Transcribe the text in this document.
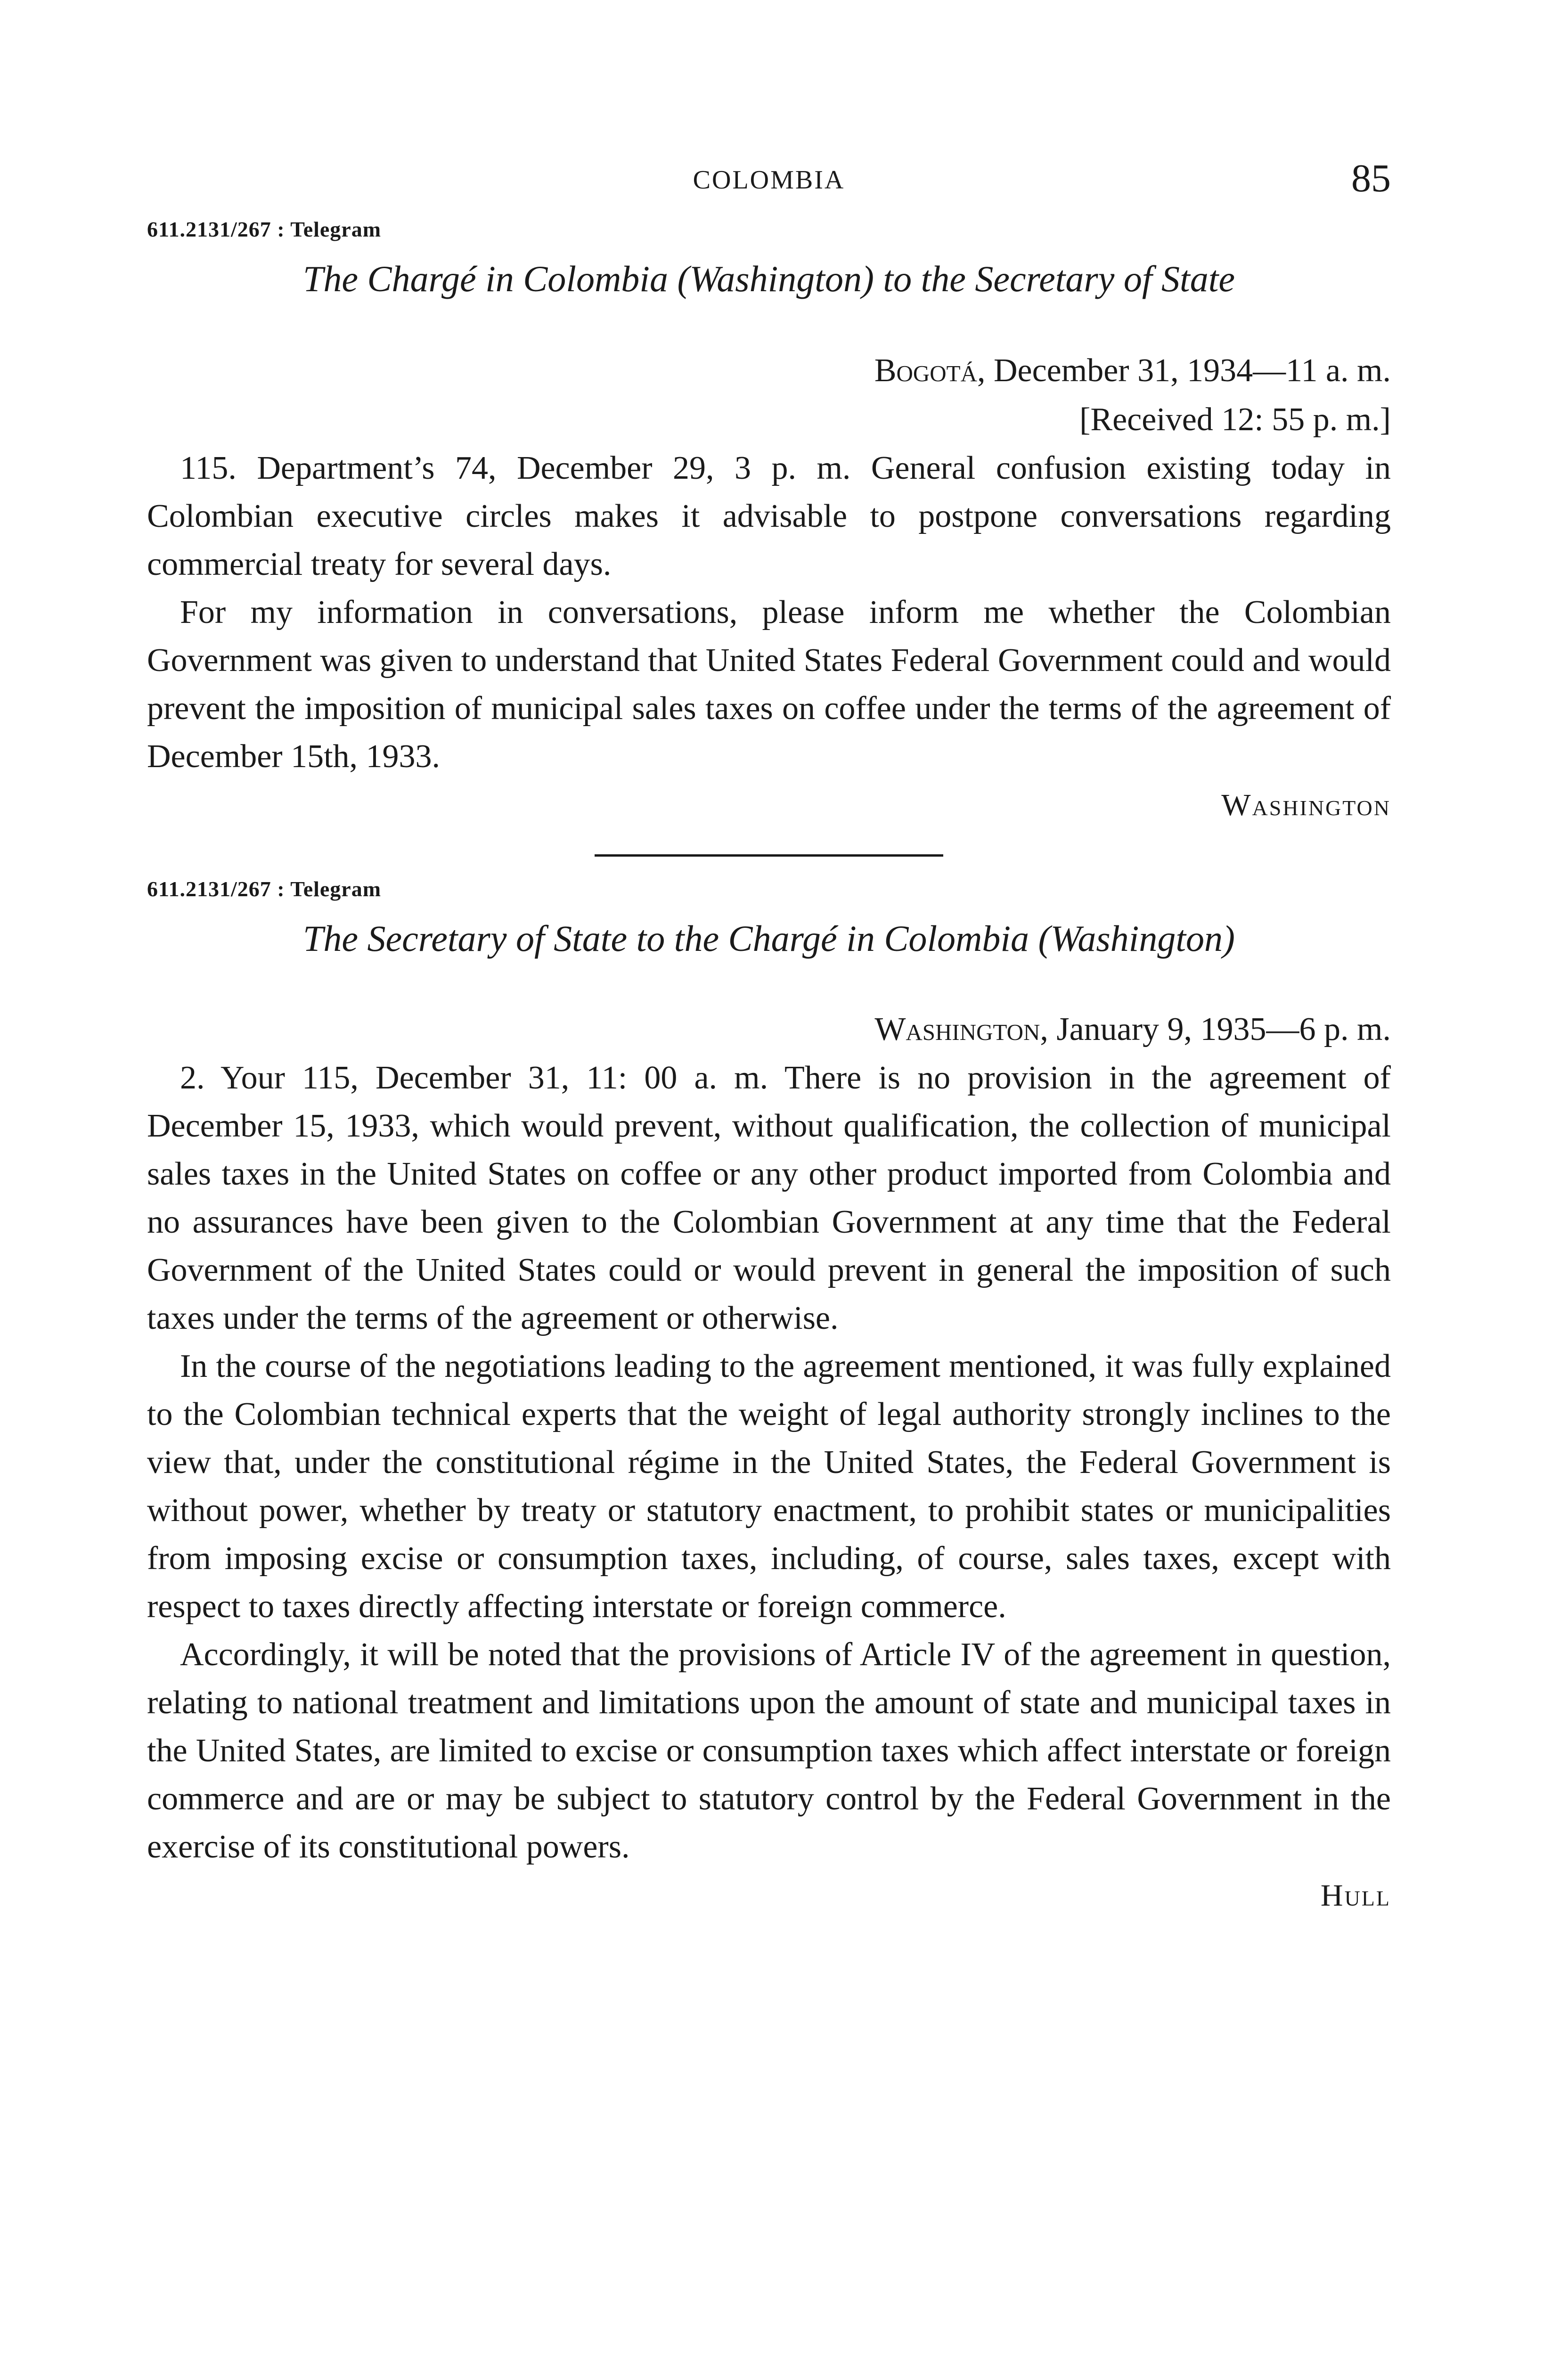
COLOMBIA	85
611.2131/267 : Telegram
The Chargé in Colombia (Washington) to the Secretary of State
Bogotá, December 31, 1934—11 a. m.
[Received 12: 55 p. m.]

115. Department’s 74, December 29, 3 p. m. General confusion existing today in Colombian executive circles makes it advisable to postpone conversations regarding commercial treaty for several days.

For my information in conversations, please inform me whether the Colombian Government was given to understand that United States Federal Government could and would prevent the imposition of municipal sales taxes on coffee under the terms of the agreement of December 15th, 1933.

Washington
611.2131/267 : Telegram
The Secretary of State to the Chargé in Colombia (Washington)
Washington, January 9, 1935—6 p. m.

2. Your 115, December 31, 11: 00 a. m. There is no provision in the agreement of December 15, 1933, which would prevent, without qualification, the collection of municipal sales taxes in the United States on coffee or any other product imported from Colombia and no assurances have been given to the Colombian Government at any time that the Federal Government of the United States could or would prevent in general the imposition of such taxes under the terms of the agreement or otherwise.

In the course of the negotiations leading to the agreement mentioned, it was fully explained to the Colombian technical experts that the weight of legal authority strongly inclines to the view that, under the constitutional régime in the United States, the Federal Government is without power, whether by treaty or statutory enactment, to prohibit states or municipalities from imposing excise or consumption taxes, including, of course, sales taxes, except with respect to taxes directly affecting interstate or foreign commerce.

Accordingly, it will be noted that the provisions of Article IV of the agreement in question, relating to national treatment and limitations upon the amount of state and municipal taxes in the United States, are limited to excise or consumption taxes which affect interstate or foreign commerce and are or may be subject to statutory control by the Federal Government in the exercise of its constitutional powers.

Hull
